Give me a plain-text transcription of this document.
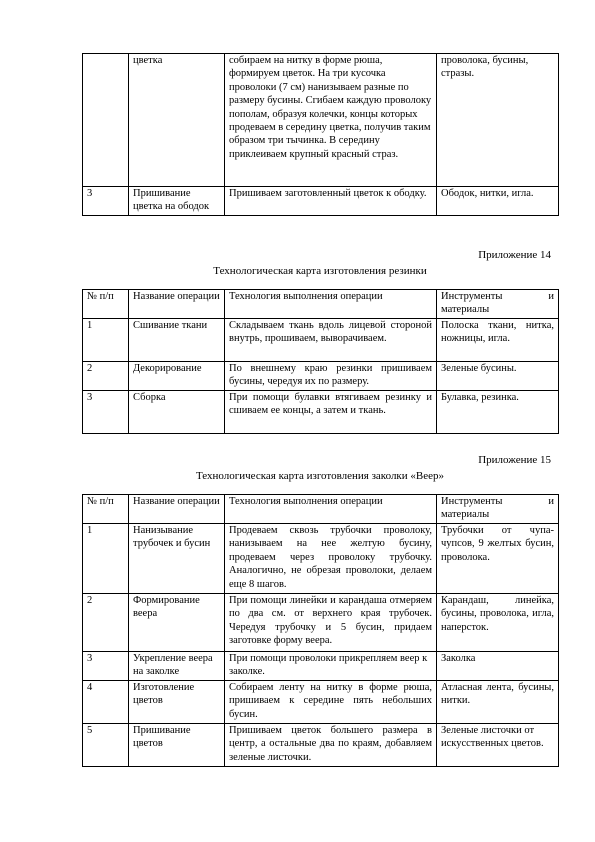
	цветка	собираем на нитку в форме рюша, формируем цветок. На три кусочка проволоки (7 см) нанизываем разные по размеру бусины. Сгибаем каждую проволоку пополам, образуя колечки, концы которых продеваем в середину цветка, получив таким образом три тычинка. В середину приклеиваем крупный красный страз.	проволока, бусины, стразы.
3	Пришивание цветка на ободок	Пришиваем заготовленный цветок к ободку.	Ободок, нитки, игла.
Приложение 14
Технологическая карта изготовления резинки
№ п/п	Название операции	Технология выполнения операции	Инструменты и материалы
1	Сшивание ткани	Складываем ткань вдоль лицевой стороной внутрь, прошиваем, выворачиваем.	Полоска ткани, нитка, ножницы, игла.
2	Декорирование	По внешнему краю резинки пришиваем бусины, чередуя их по размеру.	Зеленые бусины.
3	Сборка	При помощи булавки втягиваем резинку и сшиваем ее концы, а затем и ткань.	Булавка, резинка.
Приложение 15
Технологическая карта изготовления заколки «Веер»
№ п/п	Название операции	Технология выполнения операции	Инструменты и материалы
1	Нанизывание трубочек и бусин	Продеваем сквозь трубочки проволоку, нанизываем на нее желтую бусину, продеваем через проволоку трубочку. Аналогично, не обрезая проволоки, делаем еще 8 шагов.	Трубочки от чупа-чупсов, 9 желтых бусин, проволока.
2	Формирование веера	При помощи линейки и карандаша отмеряем по два см. от верхнего края трубочек. Чередуя трубочку и 5 бусин, придаем заготовке форму веера.	Карандаш, линейка, бусины, проволока, игла, наперсток.
3	Укрепление веера на заколке	При помощи проволоки прикрепляем веер к заколке.	Заколка
4	Изготовление цветов	Собираем ленту на нитку в форме рюша, пришиваем к середине пять небольших бусин.	Атласная лента, бусины, нитки.
5	Пришивание цветов	Пришиваем цветок большего размера в центр, а остальные два по краям, добавляем зеленые листочки.	Зеленые листочки от искусственных цветов.
